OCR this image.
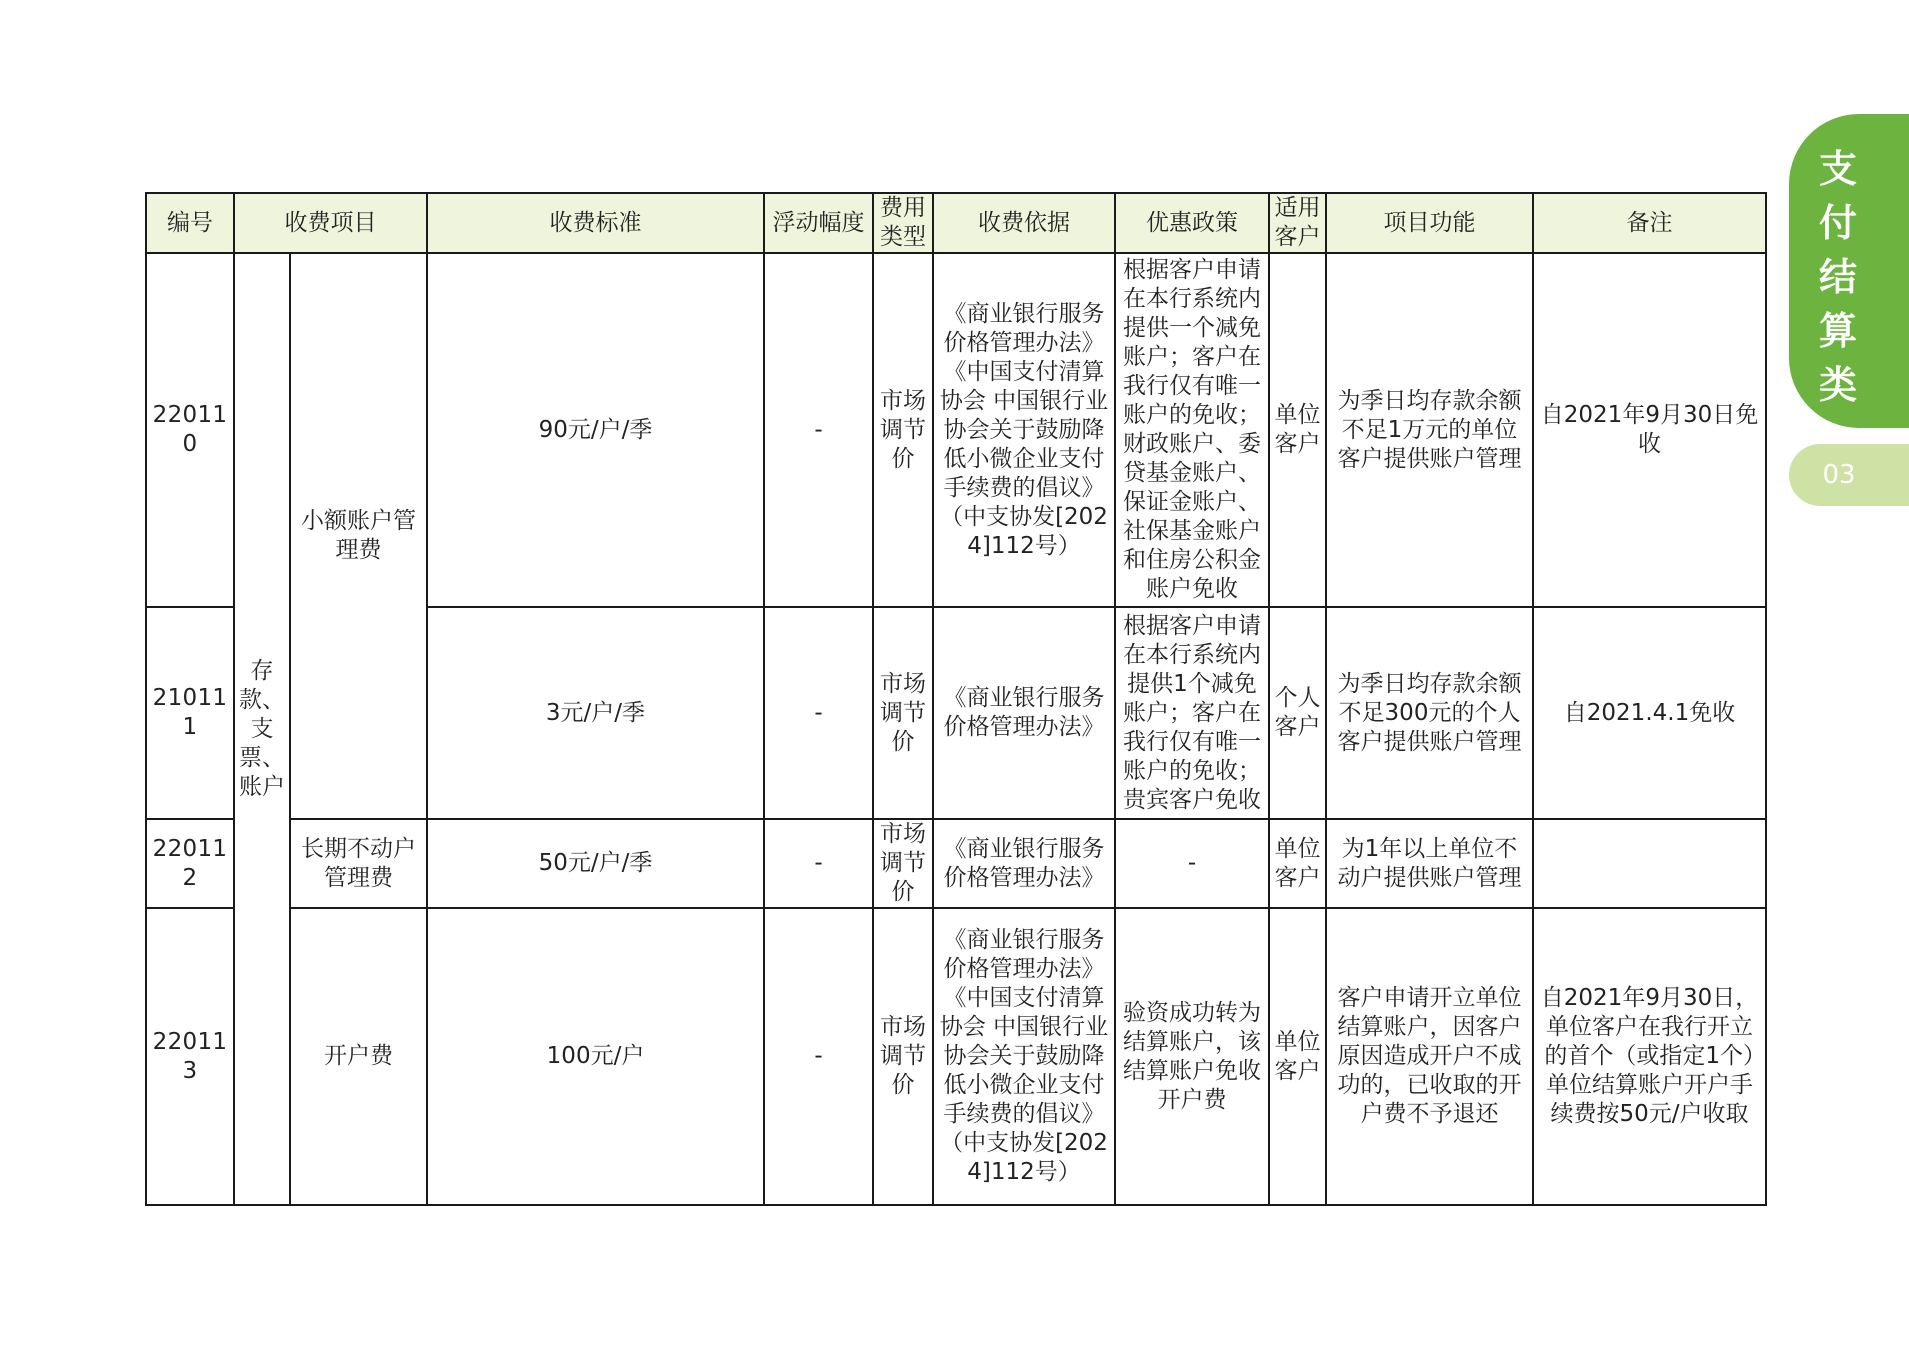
支付结算类
03
编号	收费项目		收费标准	浮动幅度	费用类型	收费依据	优惠政策	适用客户	项目功能	备注
220110	存款、支票、账户	小额账户管理费	90元/户/季	-	市场调节价	《商业银行服务价格管理办法》《中国支付清算协会 中国银行业协会关于鼓励降低小微企业支付手续费的倡议》（中支协发[2024]112号）	根据客户申请在本行系统内提供一个减免账户；客户在我行仅有唯一账户的免收；财政账户、委贷基金账户、保证金账户、社保基金账户和住房公积金账户免收	单位客户	为季日均存款余额不足1万元的单位客户提供账户管理	自2021年9月30日免收
210111			3元/户/季	-	市场调节价	《商业银行服务价格管理办法》	根据客户申请在本行系统内提供1个减免账户；客户在我行仅有唯一账户的免收；贵宾客户免收	个人客户	为季日均存款余额不足300元的个人客户提供账户管理	自2021.4.1免收
220112		长期不动户管理费	50元/户/季	-	市场调节价	《商业银行服务价格管理办法》	-	单位客户	为1年以上单位不动户提供账户管理	
220113		开户费	100元/户	-	市场调节价	《商业银行服务价格管理办法》《中国支付清算协会 中国银行业协会关于鼓励降低小微企业支付手续费的倡议》（中支协发[2024]112号）	验资成功转为结算账户，该结算账户免收开户费	单位客户	客户申请开立单位结算账户，因客户原因造成开户不成功的，已收取的开户费不予退还	自2021年9月30日，单位客户在我行开立的首个（或指定1个）单位结算账户开户手续费按50元/户收取
